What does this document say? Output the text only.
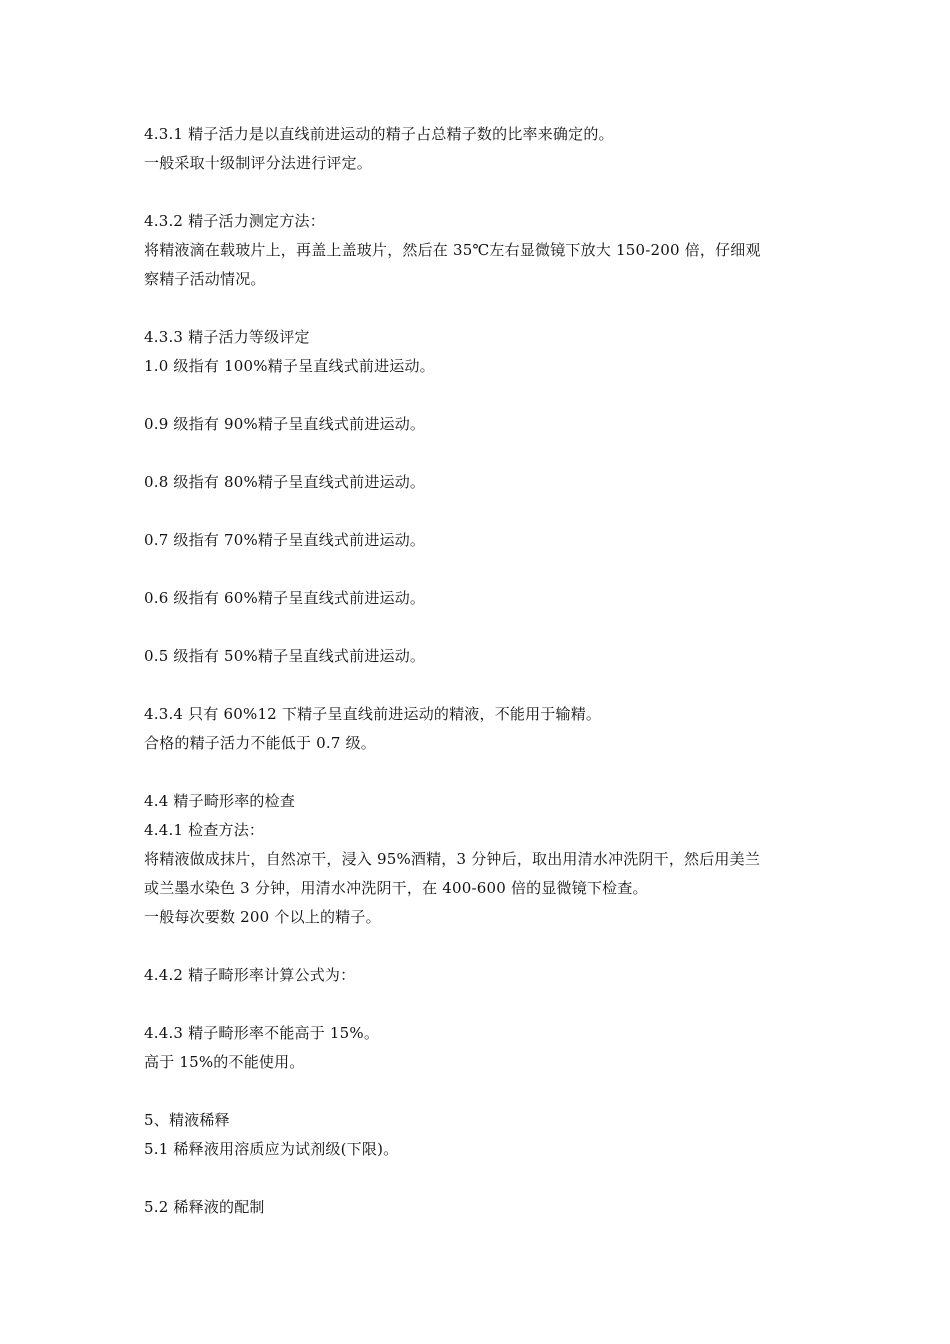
4.3.1 精子活力是以直线前进运动的精子占总精子数的比率来确定的。
一般采取十级制评分法进行评定。
4.3.2 精子活力测定方法：
将精液滴在载玻片上，再盖上盖玻片，然后在 35℃左右显微镜下放大 150-200 倍，仔细观
察精子活动情况。
4.3.3 精子活力等级评定
1.0 级指有 100%精子呈直线式前进运动。
0.9 级指有 90%精子呈直线式前进运动。
0.8 级指有 80%精子呈直线式前进运动。
0.7 级指有 70%精子呈直线式前进运动。
0.6 级指有 60%精子呈直线式前进运动。
0.5 级指有 50%精子呈直线式前进运动。
4.3.4 只有 60%12 下精子呈直线前进运动的精液，不能用于输精。
合格的精子活力不能低于 0.7 级。
4.4 精子畸形率的检查
4.4.1 检查方法：
将精液做成抹片，自然凉干，浸入 95%酒精，3 分钟后，取出用清水冲洗阴干，然后用美兰
或兰墨水染色 3 分钟，用清水冲洗阴干，在 400-600 倍的显微镜下检查。
一般每次要数 200 个以上的精子。
4.4.2 精子畸形率计算公式为：
4.4.3 精子畸形率不能高于 15%。
高于 15%的不能使用。
5、精液稀释
5.1 稀释液用溶质应为试剂级(下限)。
5.2 稀释液的配制
